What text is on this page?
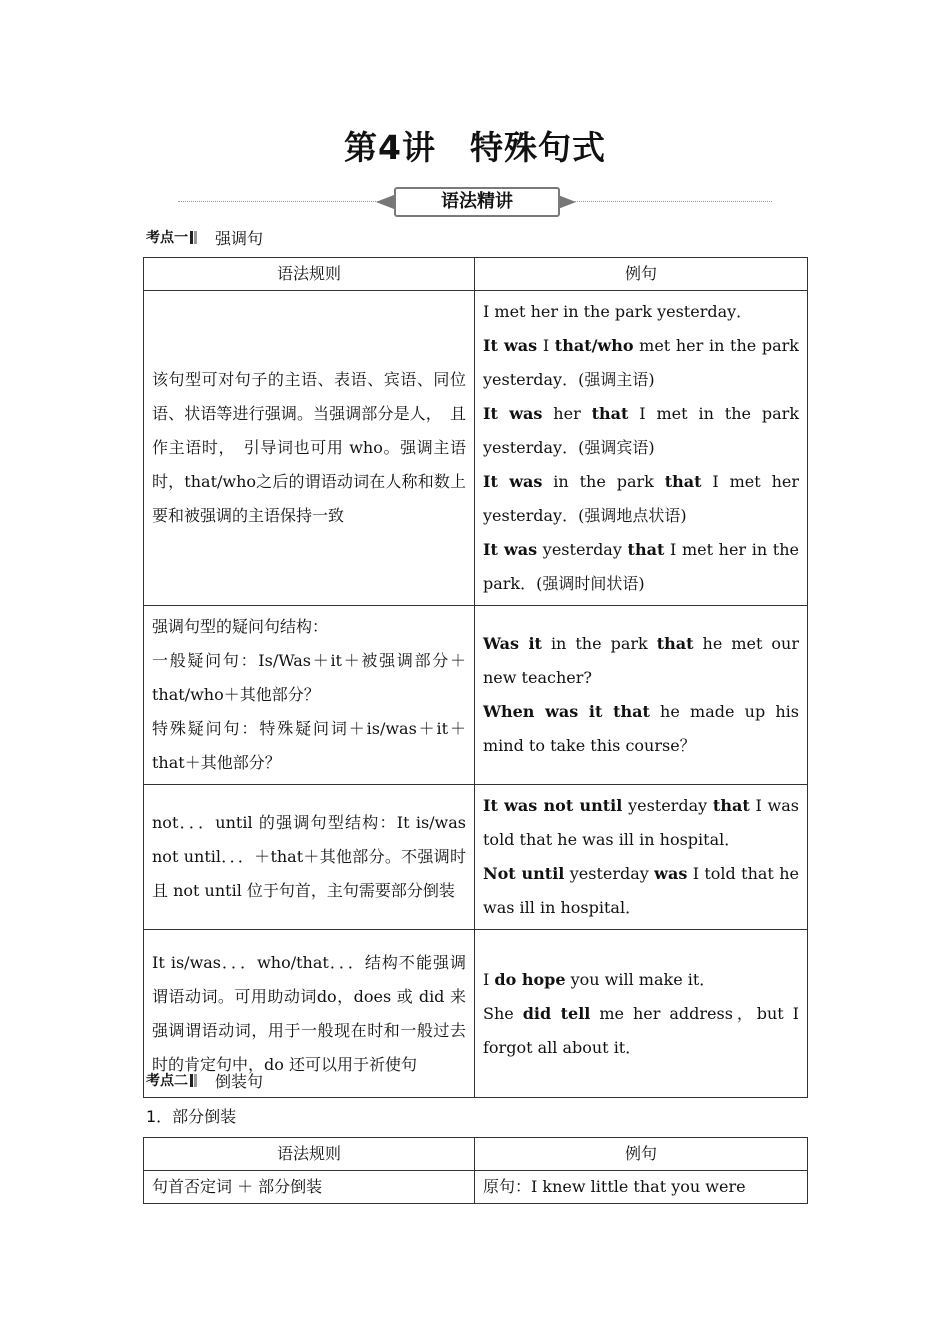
第4讲　特殊句式
语法精讲
考点一 强调句
语法规则	例句
该句型可对句子的主语、表语、宾语、同位语、状语等进行强调。当强调部分是人，　且作主语时，　引导词也可用 who。强调主语时，that/who之后的谓语动词在人称和数上要和被强调的主语保持一致	I met her in the park yesterday．
It was I that/who met her in the park yesterday．(强调主语)
It was her that I met in the park yesterday．(强调宾语)
It was in the park that I met her yesterday．(强调地点状语)
It was yesterday that I met her in the park．(强调时间状语)

强调句型的疑问句结构：
一般疑问句：Is/Was＋it＋被强调部分＋that/who＋其他部分？
特殊疑问句：特殊疑问词＋is/was＋it＋that＋其他部分？	Was it in the park that he met our new teacher?
When was it that he made up his mind to take this course？

not．．．until 的强调句型结构：It is/was not until．．．＋that＋其他部分。不强调时且 not until 位于句首，主句需要部分倒装	It was not until yesterday that I was told that he was ill in hospital．
Not until yesterday was I told that he was ill in hospital．

It is/was．．．who/that．．．结构不能强调谓语动词。可用助动词do，does 或 did 来强调谓语动词，用于一般现在时和一般过去时的肯定句中，do 还可以用于祈使句	I do hope you will make it．
She did tell me her address，but I forgot all about it．
考点二 倒装句
1．部分倒装
语法规则	例句
句首否定词 ＋ 部分倒装	原句：I knew little that you were
